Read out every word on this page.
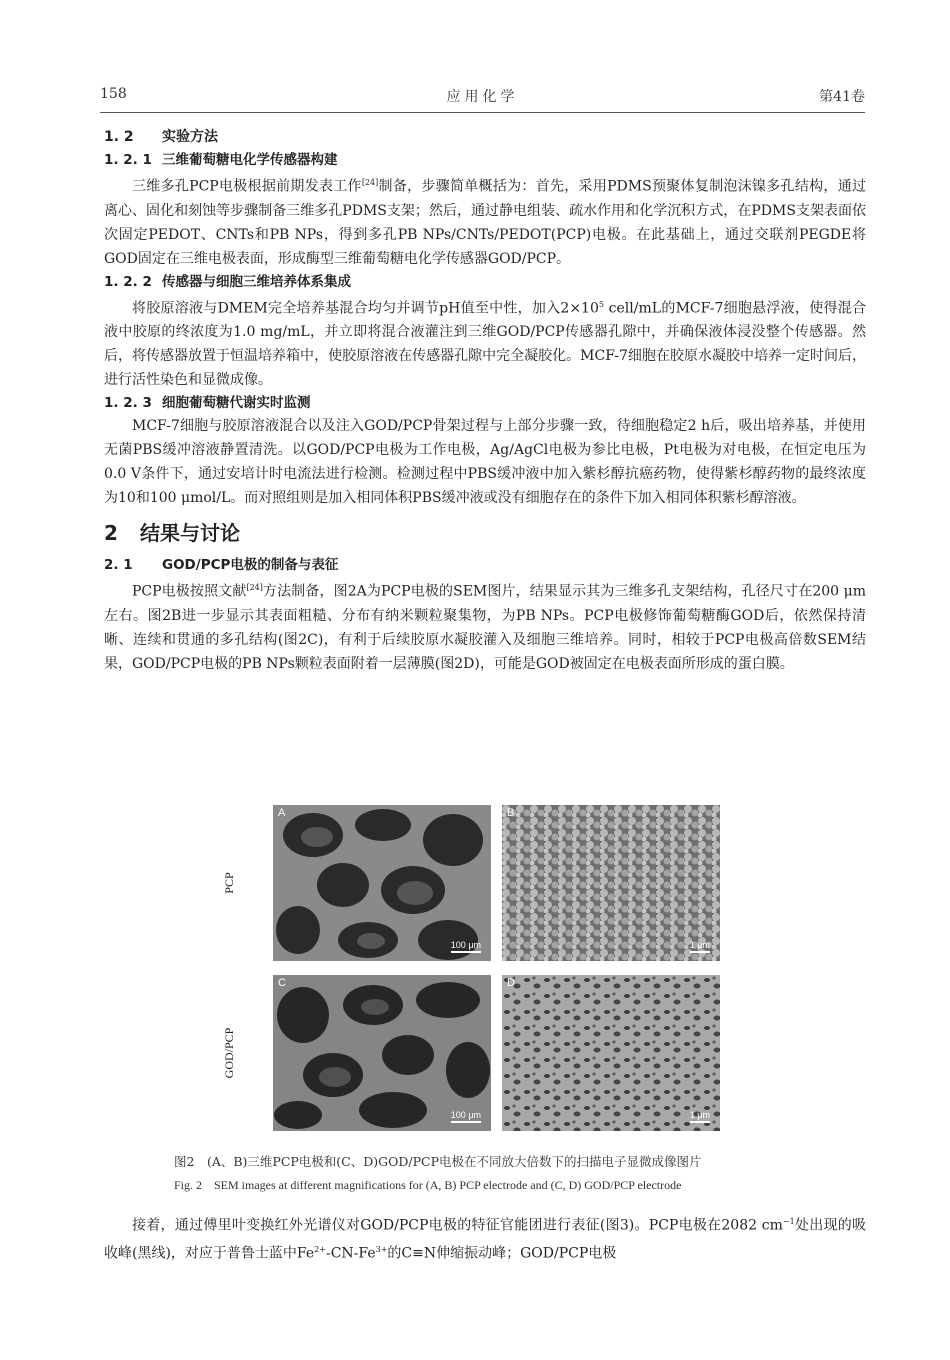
158	应用化学	第41卷
1. 2 实验方法
1. 2. 1 三维葡萄糖电化学传感器构建

三维多孔PCP电极根据前期发表工作[24]制备，步骤简单概括为：首先，采用PDMS预聚体复制泡沫镍多孔结构，通过离心、固化和刻蚀等步骤制备三维多孔PDMS支架；然后，通过静电组装、疏水作用和化学沉积方式，在PDMS支架表面依次固定PEDOT、CNTs和PB NPs，得到多孔PB NPs/CNTs/PEDOT(PCP)电极。在此基础上，通过交联剂PEGDE将GOD固定在三维电极表面，形成酶型三维葡萄糖电化学传感器GOD/PCP。

1. 2. 2 传感器与细胞三维培养体系集成

将胶原溶液与DMEM完全培养基混合均匀并调节pH值至中性，加入$2\times 10^5$ cell/mL的MCF-7细胞悬浮液，使得混合液中胶原的终浓度为1.0 mg/mL，并立即将混合液灌注到三维GOD/PCP传感器孔隙中，并确保液体浸没整个传感器。然后，将传感器放置于恒温培养箱中，使胶原溶液在传感器孔隙中完全凝胶化。MCF-7细胞在胶原水凝胶中培养一定时间后，进行活性染色和显微成像。

1. 2. 3 细胞葡萄糖代谢实时监测

MCF-7细胞与胶原溶液混合以及注入GOD/PCP骨架过程与上部分步骤一致，待细胞稳定2 h后，吸出培养基，并使用无菌PBS缓冲溶液静置清洗。以GOD/PCP电极为工作电极，Ag/AgCl电极为参比电极，Pt电极为对电极，在恒定电压为0.0 V条件下，通过安培计时电流法进行检测。检测过程中PBS缓冲液中加入紫杉醇抗癌药物，使得紫杉醇药物的最终浓度为10和100 μmol/L。而对照组则是加入相同体积PBS缓冲液或没有细胞存在的条件下加入相同体积紫杉醇溶液。

2 结果与讨论
2. 1 GOD/PCP电极的制备与表征

PCP电极按照文献[24]方法制备，图2A为PCP电极的SEM图片，结果显示其为三维多孔支架结构，孔径尺寸在200 μm左右。图2B进一步显示其表面粗糙、分布有纳米颗粒聚集物，为PB NPs。PCP电极修饰葡萄糖酶GOD后，依然保持清晰、连续和贯通的多孔结构(图2C)，有利于后续胶原水凝胶灌入及细胞三维培养。同时，相较于PCP电极高倍数SEM结果，GOD/PCP电极的PB NPs颗粒表面附着一层薄膜(图2D)，可能是GOD被固定在电极表面所形成的蛋白膜。

PCP
GOD/PCP
A
100 μm
B
1 μm
C
100 μm
D
1 μm
图2　(A、B)三维PCP电极和(C、D)GOD/PCP电极在不同放大倍数下的扫描电子显微成像图片
Fig. 2　SEM images at different magnifications for (A, B) PCP electrode and (C, D) GOD/PCP electrode

接着，通过傅里叶变换红外光谱仪对GOD/PCP电极的特征官能团进行表征(图3)。PCP电极在2082 $cm^{-1}$处出现的吸收峰(黑线)，对应于普鲁士蓝中$Fe^{2+}-CN-Fe^{3+}$的C≡N伸缩振动峰；GOD/PCP电极
